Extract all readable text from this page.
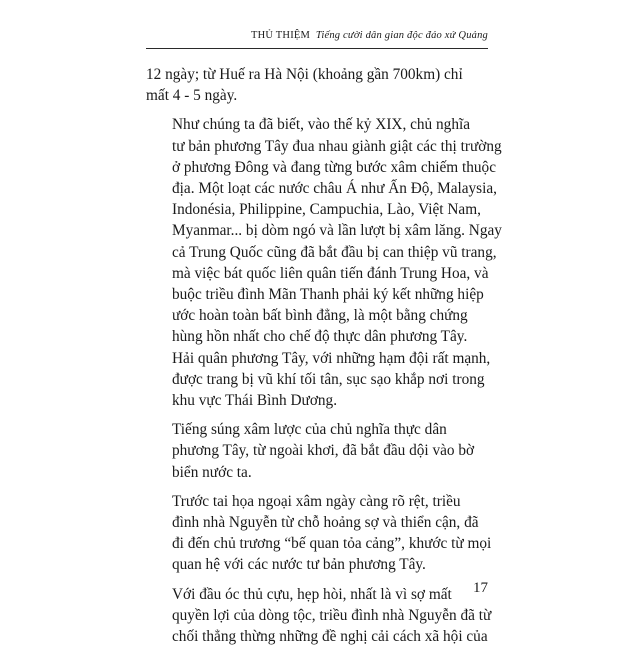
THỦ THIỆM Tiếng cười dân gian độc đáo xứ Quảng

12 ngày; từ Huế ra Hà Nội (khoảng gần 700km) chỉ
mất 4 - 5 ngày.

Như chúng ta đã biết, vào thế kỷ XIX, chủ nghĩa

tư bản phương Tây đua nhau giành giật các thị trường
ở phương Đông và đang từng bước xâm chiếm thuộc
địa. Một loạt các nước châu Á như Ấn Độ, Malaysia,
Indonésia, Philippine, Campuchia, Lào, Việt Nam,
Myanmar... bị dòm ngó và lần lượt bị xâm lăng. Ngay
cả Trung Quốc cũng đã bắt đầu bị can thiệp vũ trang,
mà việc bát quốc liên quân tiến đánh Trung Hoa, và
buộc triều đình Mãn Thanh phải ký kết những hiệp
ước hoàn toàn bất bình đẳng, là một bằng chứng
hùng hồn nhất cho chế độ thực dân phương Tây.
Hải quân phương Tây, với những hạm đội rất mạnh,
được trang bị vũ khí tối tân, sục sạo khắp nơi trong
khu vực Thái Bình Dương.

Tiếng súng xâm lược của chủ nghĩa thực dân

phương Tây, từ ngoài khơi, đã bắt đầu dội vào bờ
biển nước ta.

Trước tai họa ngoại xâm ngày càng rõ rệt, triều

đình nhà Nguyễn từ chỗ hoảng sợ và thiển cận, đã
đi đến chủ trương “bế quan tỏa cảng”, khước từ mọi
quan hệ với các nước tư bản phương Tây.

Với đầu óc thủ cựu, hẹp hòi, nhất là vì sợ mất

quyền lợi của dòng tộc, triều đình nhà Nguyễn đã từ
chối thẳng thừng những đề nghị cải cách xã hội của

17
